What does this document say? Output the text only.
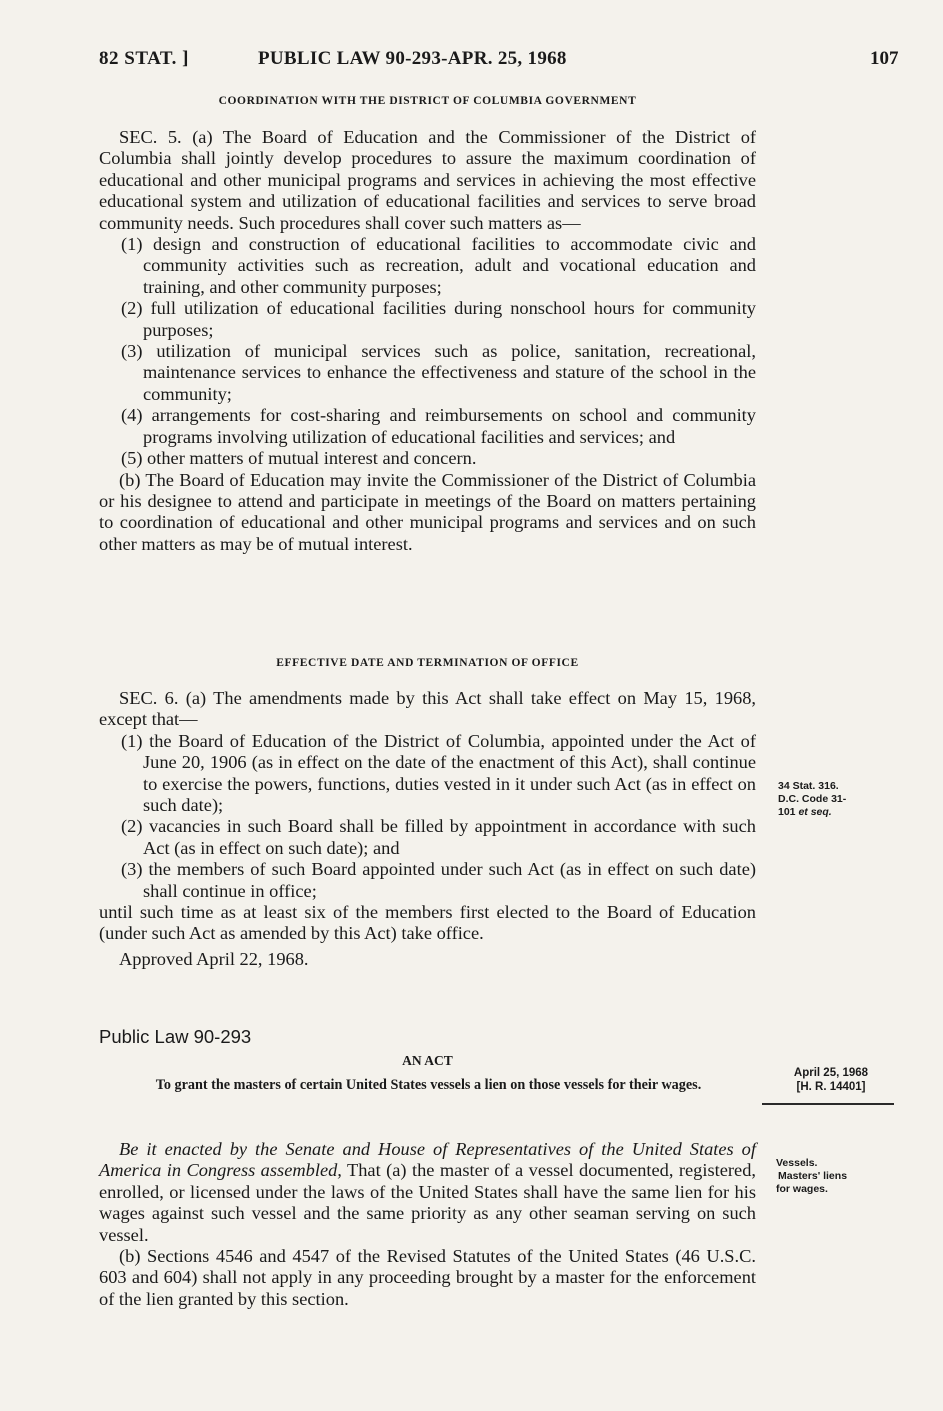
82 STAT. ]	PUBLIC LAW 90-293-APR. 25, 1968	107
COORDINATION WITH THE DISTRICT OF COLUMBIA GOVERNMENT

SEC. 5. (a) The Board of Education and the Commissioner of the District of Columbia shall jointly develop procedures to assure the maximum coordination of educational and other municipal programs and services in achieving the most effective educational system and utilization of educational facilities and services to serve broad community needs. Such procedures shall cover such matters as—

(1) design and construction of educational facilities to accommodate civic and community activities such as recreation, adult and vocational education and training, and other community purposes;

(2) full utilization of educational facilities during nonschool hours for community purposes;

(3) utilization of municipal services such as police, sanitation, recreational, maintenance services to enhance the effectiveness and stature of the school in the community;

(4) arrangements for cost-sharing and reimbursements on school and community programs involving utilization of educational facilities and services; and

(5) other matters of mutual interest and concern.

(b) The Board of Education may invite the Commissioner of the District of Columbia or his designee to attend and participate in meetings of the Board on matters pertaining to coordination of educational and other municipal programs and services and on such other matters as may be of mutual interest.

EFFECTIVE DATE AND TERMINATION OF OFFICE

SEC. 6. (a) The amendments made by this Act shall take effect on May 15, 1968, except that—

(1) the Board of Education of the District of Columbia, appointed under the Act of June 20, 1906 (as in effect on the date of the enactment of this Act), shall continue to exercise the powers, functions, duties vested in it under such Act (as in effect on such date);

(2) vacancies in such Board shall be filled by appointment in accordance with such Act (as in effect on such date); and

(3) the members of such Board appointed under such Act (as in effect on such date) shall continue in office;

until such time as at least six of the members first elected to the Board of Education (under such Act as amended by this Act) take office.

Approved April 22, 1968.

34 Stat. 316.
D.C. Code 31-
101 et seq.
Public Law 90-293
AN ACT
To grant the masters of certain United States vessels a lien on those vessels for their wages.
April 25, 1968
[H. R. 14401]

Be it enacted by the Senate and House of Representatives of the United States of America in Congress assembled, That (a) the master of a vessel documented, registered, enrolled, or licensed under the laws of the United States shall have the same lien for his wages against such vessel and the same priority as any other seaman serving on such vessel.

(b) Sections 4546 and 4547 of the Revised Statutes of the United States (46 U.S.C. 603 and 604) shall not apply in any proceeding brought by a master for the enforcement of the lien granted by this section.

Vessels.
Masters' liens
for wages.
